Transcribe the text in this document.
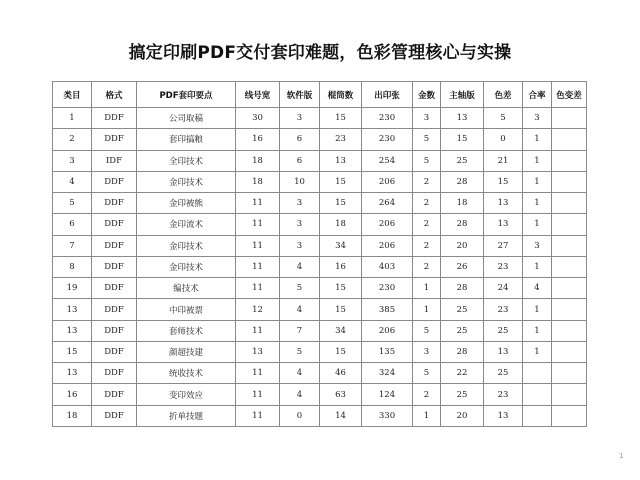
搞定印刷PDF交付套印难题，色彩管理核心与实操
类目	格式	PDF套印要点	线号宽	软件版	棍筒数	出印张	金数	主轴版	色差	合率	色变差
1	DDF	公司取稿	30	3	15	230	3	13	5	3	
2	DDF	套印搞粮	16	6	23	230	5	15	0	1	
3	IDF	全印技术	18	6	13	254	5	25	21	1	
4	DDF	金印技术	18	10	15	206	2	28	15	1	
5	DDF	金印被熊	11	3	15	264	2	18	13	1	
6	DDF	金印流术	11	3	18	206	2	28	13	1	
7	DDF	金印技术	11	3	34	206	2	20	27	3	
8	DDF	金印技术	11	4	16	403	2	26	23	1	
19	DDF	编技术	11	5	15	230	1	28	24	4	
13	DDF	中印被票	12	4	15	385	1	25	23	1	
13	DDF	套师技术	11	7	34	206	5	25	25	1	
15	DDF	颜超技建	13	5	15	135	3	28	13	1	
13	DDF	统收技术	11	4	46	324	5	22	25		
16	DDF	变印效应	11	4	63	124	2	25	23		
18	DDF	折单技题	11	0	14	330	1	20	13		
1
